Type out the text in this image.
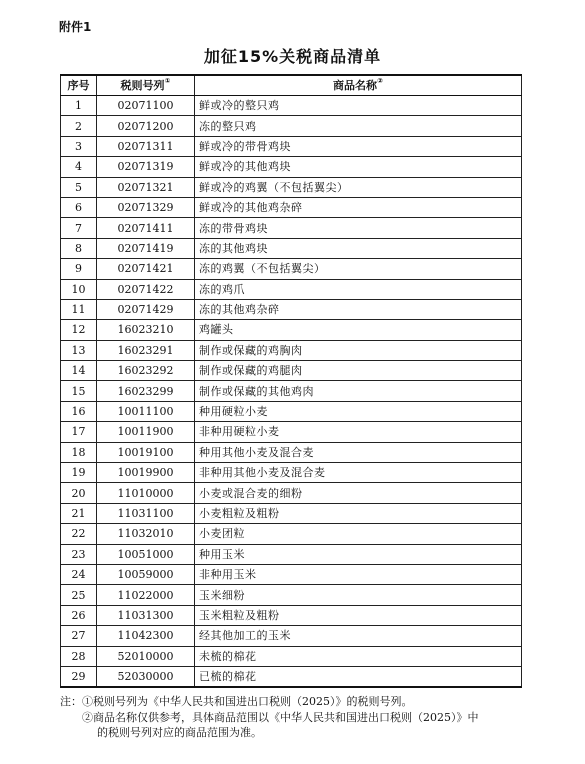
附件1
加征15%关税商品清单
序号	税则号列①	商品名称②
1	02071100	鲜或冷的整只鸡
2	02071200	冻的整只鸡
3	02071311	鲜或冷的带骨鸡块
4	02071319	鲜或冷的其他鸡块
5	02071321	鲜或冷的鸡翼（不包括翼尖）
6	02071329	鲜或冷的其他鸡杂碎
7	02071411	冻的带骨鸡块
8	02071419	冻的其他鸡块
9	02071421	冻的鸡翼（不包括翼尖）
10	02071422	冻的鸡爪
11	02071429	冻的其他鸡杂碎
12	16023210	鸡罐头
13	16023291	制作或保藏的鸡胸肉
14	16023292	制作或保藏的鸡腿肉
15	16023299	制作或保藏的其他鸡肉
16	10011100	种用硬粒小麦
17	10011900	非种用硬粒小麦
18	10019100	种用其他小麦及混合麦
19	10019900	非种用其他小麦及混合麦
20	11010000	小麦或混合麦的细粉
21	11031100	小麦粗粒及粗粉
22	11032010	小麦团粒
23	10051000	种用玉米
24	10059000	非种用玉米
25	11022000	玉米细粉
26	11031300	玉米粗粒及粗粉
27	11042300	经其他加工的玉米
28	52010000	未梳的棉花
29	52030000	已梳的棉花

注：①税则号列为《中华人民共和国进出口税则（2025）》的税则号列。

②商品名称仅供参考，具体商品范围以《中华人民共和国进出口税则（2025）》中

的税则号列对应的商品范围为准。
